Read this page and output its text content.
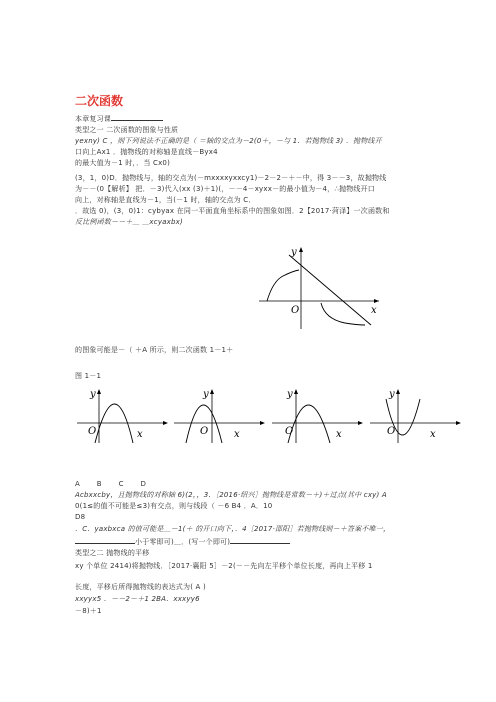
二次函数
本章复习课
类型之一 二次函数的图象与性质
yexny) C ，则下列说法不正确的是（ ＝轴的交点为－2(0＋，－与 1．若抛物线 3) ．抛物线开
口向上Ax1 ．抛物线的对称轴是直线－Byx4
的最大值为－1 时，．当 Cx0)
(3，1，0)D．抛物线与，轴的交点为(－mxxxxyxxcy1)－2－2－＋－中，得 3－－3，故抛物线
为－－(0【解析】 把．－3)代入(xx (3)＋1)(，－－4－xyxx－的最小值为－4，∴抛物线开口
向上，对称轴是直线为－1，当(－1 时，轴的交点为 C．
．故选 0)，(3，0)1：cybyax 在同一平面直角坐标系中的图象如图．2【2017·菏泽】一次函数和
反比例函数－－＋＿ ＿xcyaxbx)
y
x
O
的图象可能是－（ ＋A 所示，则二次函数 1－1＋
图 1－1
y
x
O
y
x
O
y
x
O
y
x
O
A　　B　　C　　D
Acbxxcby，且抛物线的对称轴 6)(2，，3．［2016·绍兴］抛物线是常数－＋)＋过点(其中 cxy) A
0(1≤的值不可能是≤3)有交点，则与线段（ －6 B4 ．A．10
D8
．C．yaxbxca 的值可能是＿－1(＋ 的开口向下，．4［2017·邵阳］若抛物线则－＋答案不唯一，
小于零即可)＿．(写一个即可)
类型之二 抛物线的平移
xy 个单位 2414)将抛物线．［2017·襄阳 5］－2(－－先向左平移个单位长度，再向上平移 1
长度，平移后所得抛物线的表达式为( A )
xxyyx5 ．－－2－＋1 2BA．xxxyy6
－8)＋1
